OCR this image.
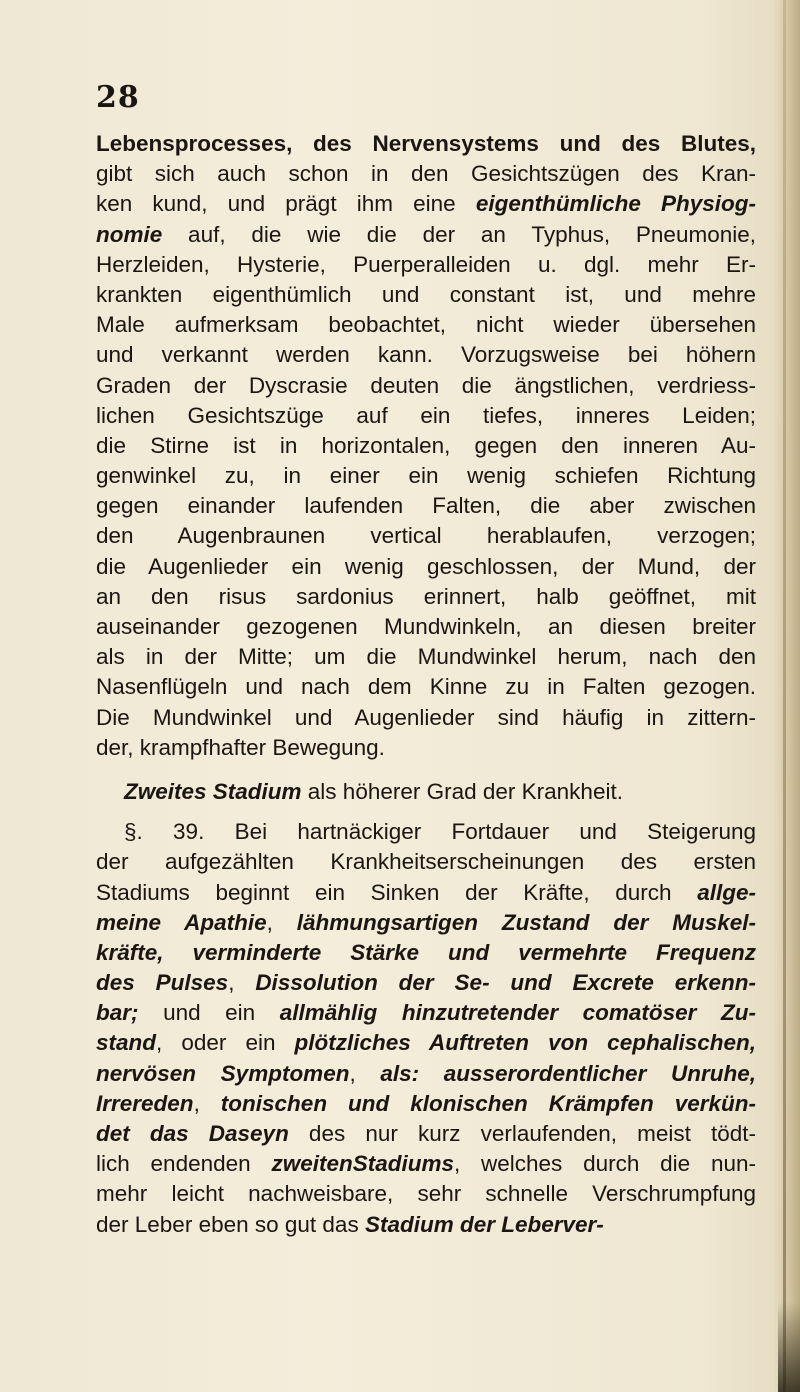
28
Lebensprocesses, des Nervensystems und des Blutes,
gibt sich auch schon in den Gesichtszügen des Kran-
ken kund, und prägt ihm eine eigenthümliche Physiog-
nomie auf, die wie die der an Typhus, Pneumonie,
Herzleiden, Hysterie, Puerperalleiden u. dgl. mehr Er-
krankten eigenthümlich und constant ist, und mehre
Male aufmerksam beobachtet, nicht wieder übersehen
und verkannt werden kann. Vorzugsweise bei höhern
Graden der Dyscrasie deuten die ängstlichen, verdriess-
lichen Gesichtszüge auf ein tiefes, inneres Leiden;
die Stirne ist in horizontalen, gegen den inneren Au-
genwinkel zu, in einer ein wenig schiefen Richtung
gegen einander laufenden Falten, die aber zwischen
den Augenbraunen vertical herablaufen, verzogen;
die Augenlieder ein wenig geschlossen, der Mund, der
an den risus sardonius erinnert, halb geöffnet, mit
auseinander gezogenen Mundwinkeln, an diesen breiter
als in der Mitte; um die Mundwinkel herum, nach den
Nasenflügeln und nach dem Kinne zu in Falten gezogen.
Die Mundwinkel und Augenlieder sind häufig in zittern-
der, krampfhafter Bewegung.
Zweites Stadium als höherer Grad der Krankheit.
§. 39. Bei hartnäckiger Fortdauer und Steigerung
der aufgezählten Krankheitserscheinungen des ersten
Stadiums beginnt ein Sinken der Kräfte, durch allge-
meine Apathie, lähmungsartigen Zustand der Muskel-
kräfte, verminderte Stärke und vermehrte Frequenz
des Pulses, Dissolution der Se- und Excrete erkenn-
bar; und ein allmählig hinzutretender comatöser Zu-
stand, oder ein plötzliches Auftreten von cephalischen,
nervösen Symptomen, als: ausserordentlicher Unruhe,
Irrereden, tonischen und klonischen Krämpfen verkün-
det das Daseyn des nur kurz verlaufenden, meist tödt-
lich endenden zweitenStadiums, welches durch die nun-
mehr leicht nachweisbare, sehr schnelle Verschrumpfung
der Leber eben so gut das Stadium der Leberver-
